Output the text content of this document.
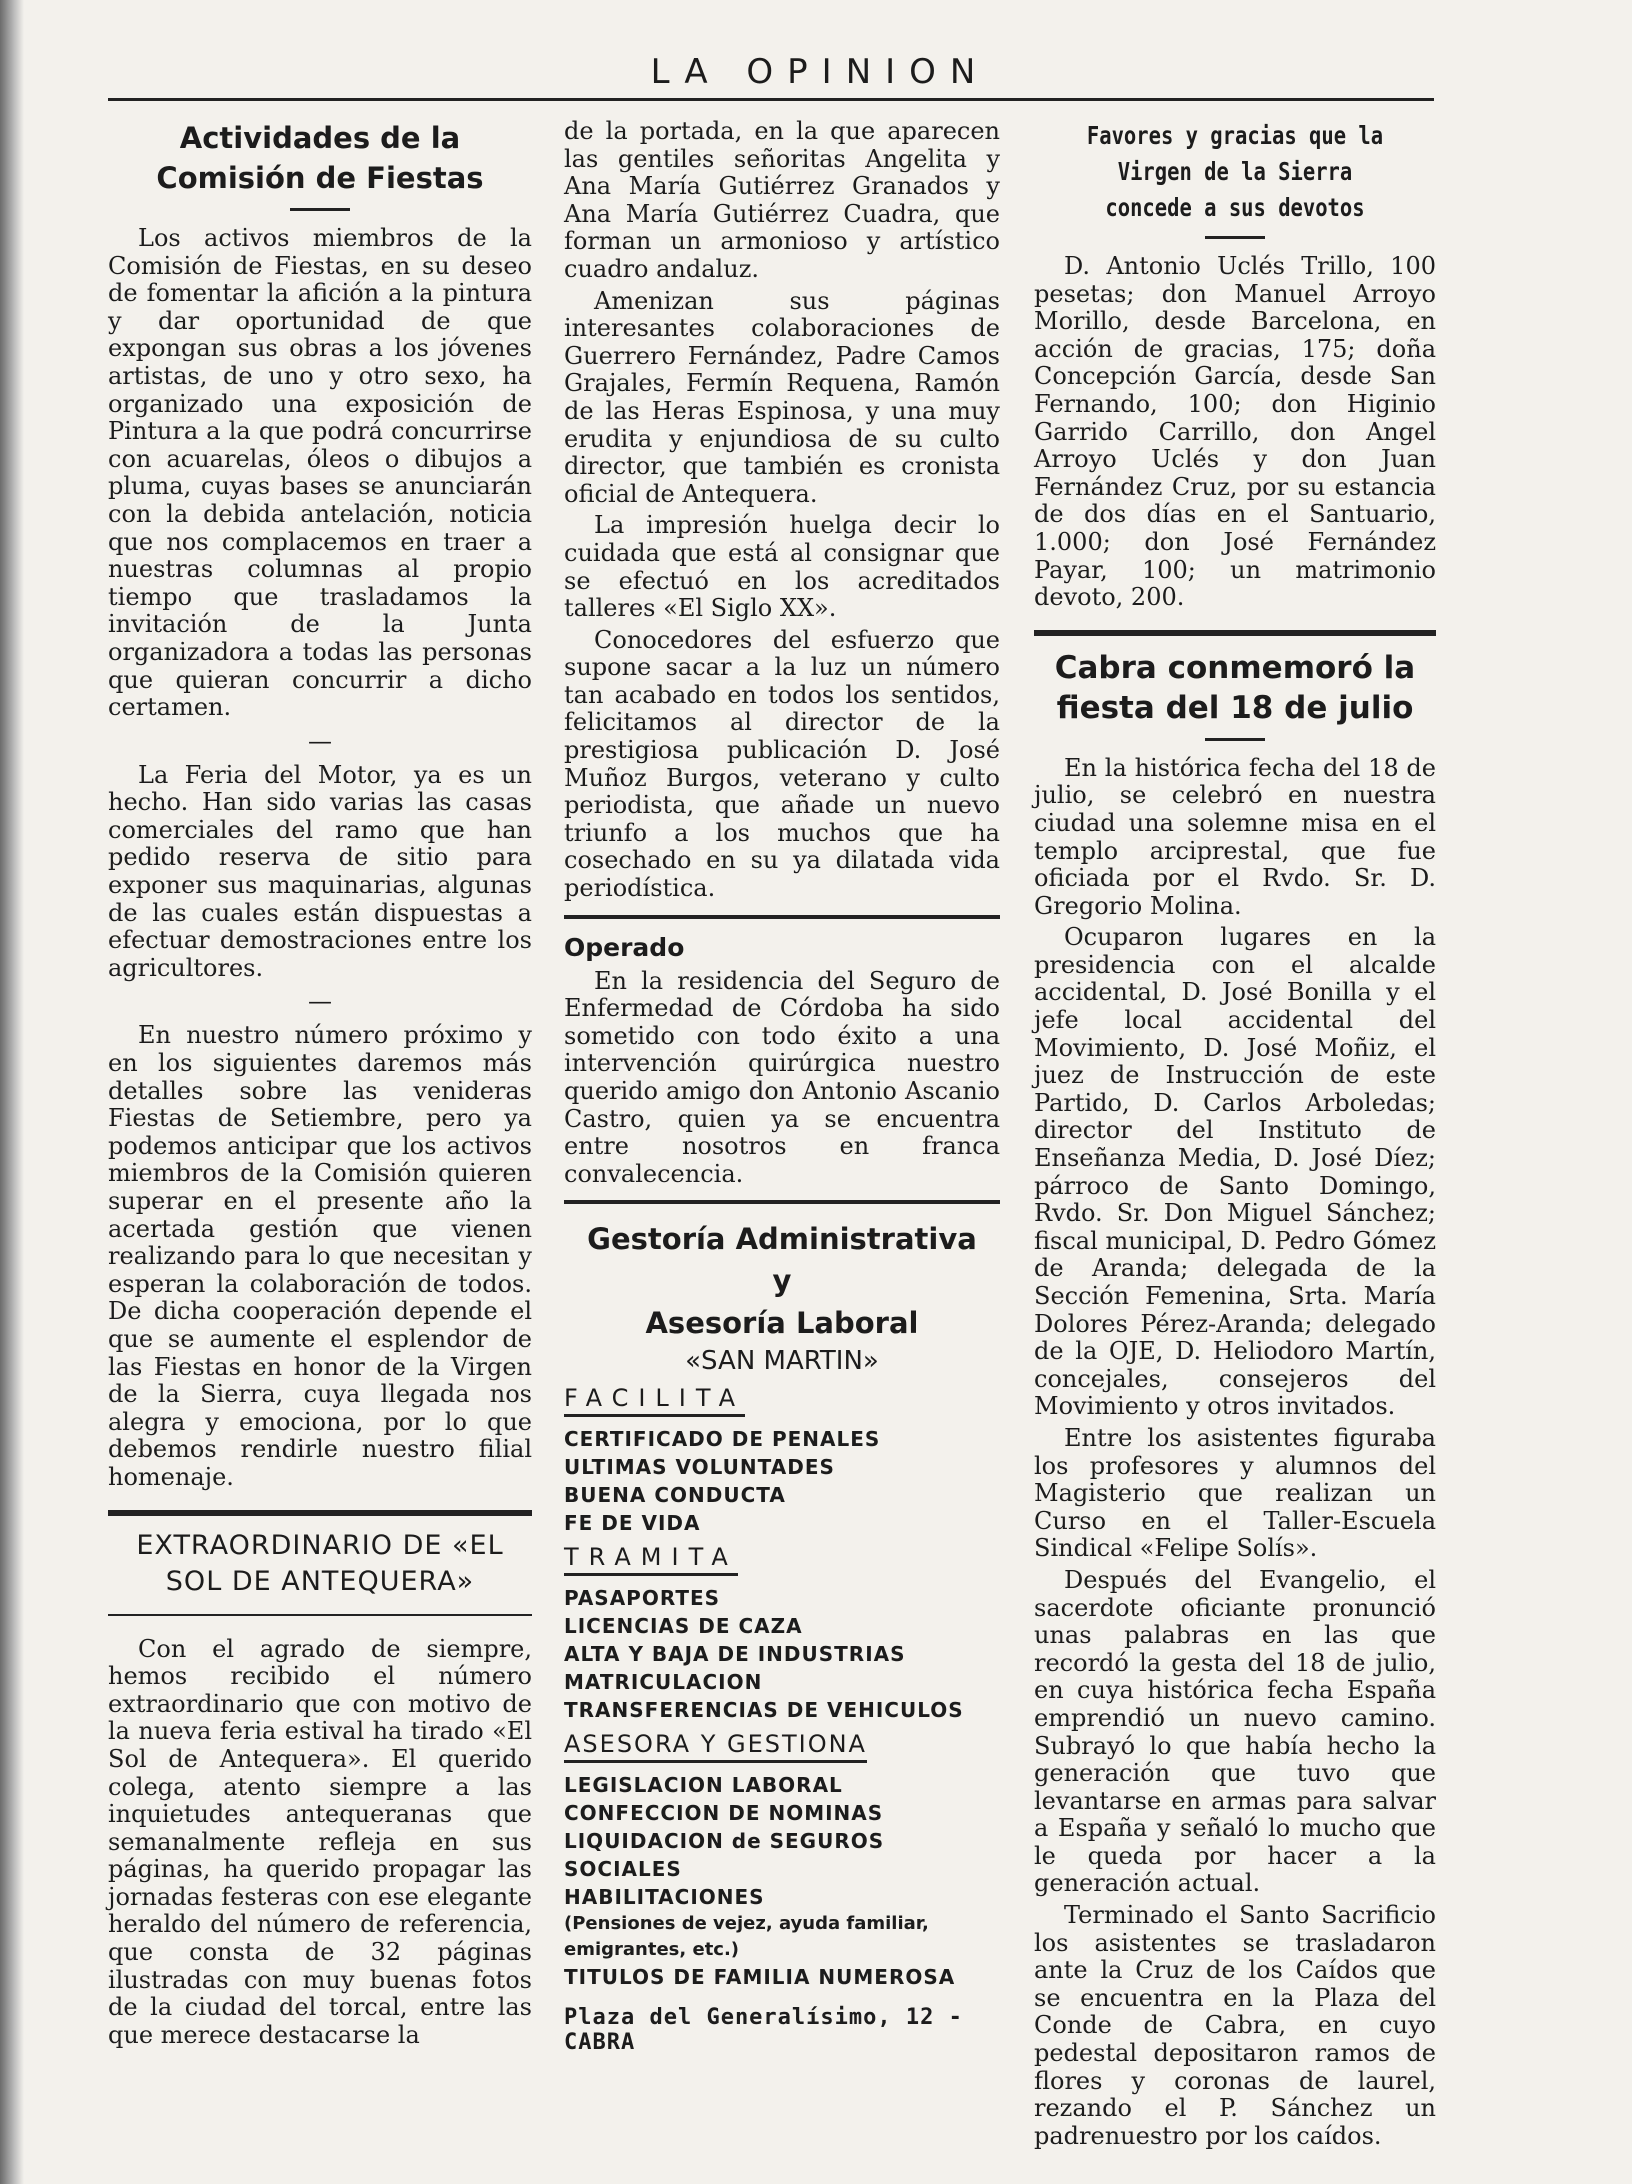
LA OPINION
Actividades de la Comisión de Fiestas

Los activos miembros de la Comisión de Fiestas, en su deseo de fomentar la afición a la pintura y dar oportunidad de que expongan sus obras a los jóvenes artistas, de uno y otro sexo, ha organizado una exposición de Pintura a la que podrá concurrirse con acuarelas, óleos o dibujos a pluma, cuyas bases se anunciarán con la debida antelación, noticia que nos complacemos en traer a nuestras columnas al propio tiempo que trasladamos la invitación de la Junta organizadora a todas las personas que quieran concurrir a dicho certamen.

—

La Feria del Motor, ya es un hecho. Han sido varias las casas comerciales del ramo que han pedido reserva de sitio para exponer sus maquinarias, algunas de las cuales están dispuestas a efectuar demostraciones entre los agricultores.

—

En nuestro número próximo y en los siguientes daremos más detalles sobre las venideras Fiestas de Setiembre, pero ya podemos anticipar que los activos miembros de la Comisión quieren superar en el presente año la acertada gestión que vienen realizando para lo que necesitan y esperan la colaboración de todos. De dicha cooperación depende el que se aumente el esplendor de las Fiestas en honor de la Virgen de la Sierra, cuya llegada nos alegra y emociona, por lo que debemos rendirle nuestro filial homenaje.

EXTRAORDINARIO DE «EL SOL DE ANTEQUERA»

Con el agrado de siempre, hemos recibido el número extraordinario que con motivo de la nueva feria estival ha tirado «El Sol de Antequera». El querido colega, atento siempre a las inquietudes antequeranas que semanalmente refleja en sus páginas, ha querido propagar las jornadas festeras con ese elegante heraldo del número de referencia, que consta de 32 páginas ilustradas con muy buenas fotos de la ciudad del torcal, entre las que merece destacarse la

de la portada, en la que aparecen las gentiles señoritas Angelita y Ana María Gutiérrez Granados y Ana María Gutiérrez Cuadra, que forman un armonioso y artístico cuadro andaluz.

Amenizan sus páginas interesantes colaboraciones de Guerrero Fernández, Padre Camos Grajales, Fermín Requena, Ramón de las Heras Espinosa, y una muy erudita y enjundiosa de su culto director, que también es cronista oficial de Antequera.

La impresión huelga decir lo cuidada que está al consignar que se efectuó en los acreditados talleres «El Siglo XX».

Conocedores del esfuerzo que supone sacar a la luz un número tan acabado en todos los sentidos, felicitamos al director de la prestigiosa publicación D. José Muñoz Burgos, veterano y culto periodista, que añade un nuevo triunfo a los muchos que ha cosechado en su ya dilatada vida periodística.

Operado

En la residencia del Seguro de Enfermedad de Córdoba ha sido sometido con todo éxito a una intervención quirúrgica nuestro querido amigo don Antonio Ascanio Castro, quien ya se encuentra entre nosotros en franca convalecencia.

Gestoría Administrativa
y
Asesoría Laboral
«SAN MARTIN»
FACILITA
CERTIFICADO DE PENALES
ULTIMAS VOLUNTADES
BUENA CONDUCTA
FE DE VIDA
TRAMITA
PASAPORTES
LICENCIAS DE CAZA
ALTA Y BAJA DE INDUSTRIAS
MATRICULACION
TRANSFERENCIAS DE VEHICULOS
ASESORA Y GESTIONA
LEGISLACION LABORAL
CONFECCION DE NOMINAS
LIQUIDACION de SEGUROS SOCIALES
HABILITACIONES
(Pensiones de vejez, ayuda familiar, emigrantes, etc.)
TITULOS DE FAMILIA NUMEROSA
Plaza del Generalísimo, 12 - CABRA
Favores y gracias que la Virgen de la Sierra concede a sus devotos

D. Antonio Uclés Trillo, 100 pesetas; don Manuel Arroyo Morillo, desde Barcelona, en acción de gracias, 175; doña Concepción García, desde San Fernando, 100; don Higinio Garrido Carrillo, don Angel Arroyo Uclés y don Juan Fernández Cruz, por su estancia de dos días en el Santuario, 1.000; don José Fernández Payar, 100; un matrimonio devoto, 200.

Cabra conmemoró la fiesta del 18 de julio

En la histórica fecha del 18 de julio, se celebró en nuestra ciudad una solemne misa en el templo arciprestal, que fue oficiada por el Rvdo. Sr. D. Gregorio Molina.

Ocuparon lugares en la presidencia con el alcalde accidental, D. José Bonilla y el jefe local accidental del Movimiento, D. José Moñiz, el juez de Instrucción de este Partido, D. Carlos Arboledas; director del Instituto de Enseñanza Media, D. José Díez; párroco de Santo Domingo, Rvdo. Sr. Don Miguel Sánchez; fiscal municipal, D. Pedro Gómez de Aranda; delegada de la Sección Femenina, Srta. María Dolores Pérez-Aranda; delegado de la OJE, D. Heliodoro Martín, concejales, consejeros del Movimiento y otros invitados.

Entre los asistentes figuraba los profesores y alumnos del Magisterio que realizan un Curso en el Taller-Escuela Sindical «Felipe Solís».

Después del Evangelio, el sacerdote oficiante pronunció unas palabras en las que recordó la gesta del 18 de julio, en cuya histórica fecha España emprendió un nuevo camino. Subrayó lo que había hecho la generación que tuvo que levantarse en armas para salvar a España y señaló lo mucho que le queda por hacer a la generación actual.

Terminado el Santo Sacrificio los asistentes se trasladaron ante la Cruz de los Caídos que se encuentra en la Plaza del Conde de Cabra, en cuyo pedestal depositaron ramos de flores y coronas de laurel, rezando el P. Sánchez un padrenuestro por los caídos.
